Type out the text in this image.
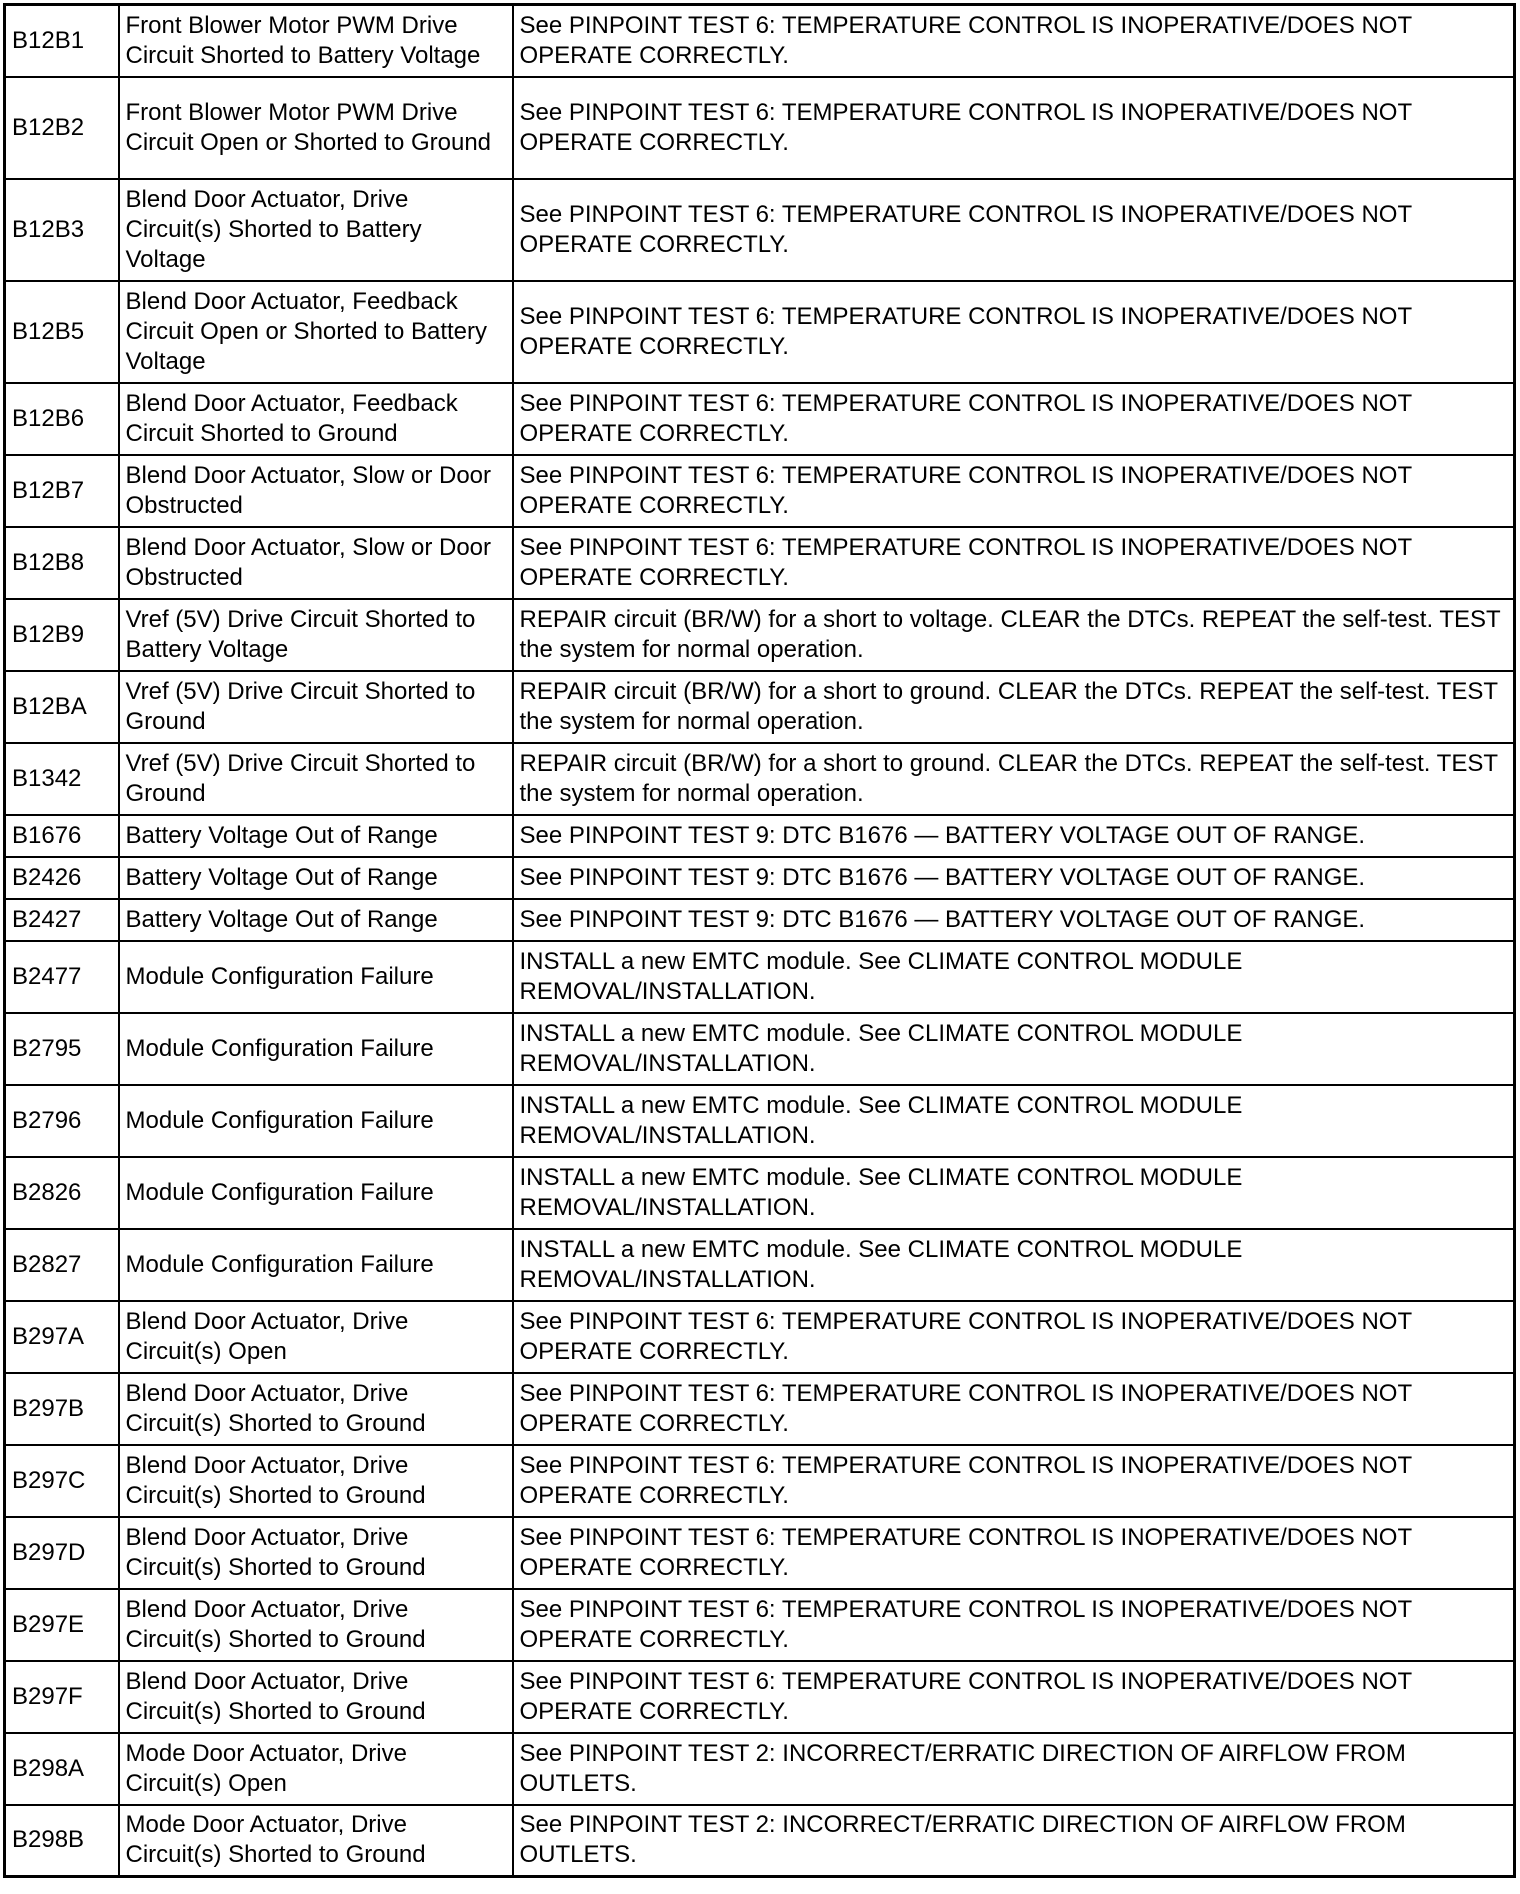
B12B1	Front Blower Motor PWM Drive Circuit Shorted to Battery Voltage	See PINPOINT TEST 6: TEMPERATURE CONTROL IS INOPERATIVE/DOES NOT OPERATE CORRECTLY.
B12B2	Front Blower Motor PWM Drive Circuit Open or Shorted to Ground	See PINPOINT TEST 6: TEMPERATURE CONTROL IS INOPERATIVE/DOES NOT OPERATE CORRECTLY.
B12B3	Blend Door Actuator, Drive Circuit(s) Shorted to Battery Voltage	See PINPOINT TEST 6: TEMPERATURE CONTROL IS INOPERATIVE/DOES NOT OPERATE CORRECTLY.
B12B5	Blend Door Actuator, Feedback Circuit Open or Shorted to Battery Voltage	See PINPOINT TEST 6: TEMPERATURE CONTROL IS INOPERATIVE/DOES NOT OPERATE CORRECTLY.
B12B6	Blend Door Actuator, Feedback Circuit Shorted to Ground	See PINPOINT TEST 6: TEMPERATURE CONTROL IS INOPERATIVE/DOES NOT OPERATE CORRECTLY.
B12B7	Blend Door Actuator, Slow or Door Obstructed	See PINPOINT TEST 6: TEMPERATURE CONTROL IS INOPERATIVE/DOES NOT OPERATE CORRECTLY.
B12B8	Blend Door Actuator, Slow or Door Obstructed	See PINPOINT TEST 6: TEMPERATURE CONTROL IS INOPERATIVE/DOES NOT OPERATE CORRECTLY.
B12B9	Vref (5V) Drive Circuit Shorted to Battery Voltage	REPAIR circuit (BR/W) for a short to voltage. CLEAR the DTCs. REPEAT the self-test. TEST the system for normal operation.
B12BA	Vref (5V) Drive Circuit Shorted to Ground	REPAIR circuit (BR/W) for a short to ground. CLEAR the DTCs. REPEAT the self-test. TEST the system for normal operation.
B1342	Vref (5V) Drive Circuit Shorted to Ground	REPAIR circuit (BR/W) for a short to ground. CLEAR the DTCs. REPEAT the self-test. TEST the system for normal operation.
B1676	Battery Voltage Out of Range	See PINPOINT TEST 9: DTC B1676 — BATTERY VOLTAGE OUT OF RANGE.
B2426	Battery Voltage Out of Range	See PINPOINT TEST 9: DTC B1676 — BATTERY VOLTAGE OUT OF RANGE.
B2427	Battery Voltage Out of Range	See PINPOINT TEST 9: DTC B1676 — BATTERY VOLTAGE OUT OF RANGE.
B2477	Module Configuration Failure	INSTALL a new EMTC module. See CLIMATE CONTROL MODULE REMOVAL/INSTALLATION.
B2795	Module Configuration Failure	INSTALL a new EMTC module. See CLIMATE CONTROL MODULE REMOVAL/INSTALLATION.
B2796	Module Configuration Failure	INSTALL a new EMTC module. See CLIMATE CONTROL MODULE REMOVAL/INSTALLATION.
B2826	Module Configuration Failure	INSTALL a new EMTC module. See CLIMATE CONTROL MODULE REMOVAL/INSTALLATION.
B2827	Module Configuration Failure	INSTALL a new EMTC module. See CLIMATE CONTROL MODULE REMOVAL/INSTALLATION.
B297A	Blend Door Actuator, Drive Circuit(s) Open	See PINPOINT TEST 6: TEMPERATURE CONTROL IS INOPERATIVE/DOES NOT OPERATE CORRECTLY.
B297B	Blend Door Actuator, Drive Circuit(s) Shorted to Ground	See PINPOINT TEST 6: TEMPERATURE CONTROL IS INOPERATIVE/DOES NOT OPERATE CORRECTLY.
B297C	Blend Door Actuator, Drive Circuit(s) Shorted to Ground	See PINPOINT TEST 6: TEMPERATURE CONTROL IS INOPERATIVE/DOES NOT OPERATE CORRECTLY.
B297D	Blend Door Actuator, Drive Circuit(s) Shorted to Ground	See PINPOINT TEST 6: TEMPERATURE CONTROL IS INOPERATIVE/DOES NOT OPERATE CORRECTLY.
B297E	Blend Door Actuator, Drive Circuit(s) Shorted to Ground	See PINPOINT TEST 6: TEMPERATURE CONTROL IS INOPERATIVE/DOES NOT OPERATE CORRECTLY.
B297F	Blend Door Actuator, Drive Circuit(s) Shorted to Ground	See PINPOINT TEST 6: TEMPERATURE CONTROL IS INOPERATIVE/DOES NOT OPERATE CORRECTLY.
B298A	Mode Door Actuator, Drive Circuit(s) Open	See PINPOINT TEST 2: INCORRECT/ERRATIC DIRECTION OF AIRFLOW FROM OUTLETS.
B298B	Mode Door Actuator, Drive Circuit(s) Shorted to Ground	See PINPOINT TEST 2: INCORRECT/ERRATIC DIRECTION OF AIRFLOW FROM OUTLETS.
